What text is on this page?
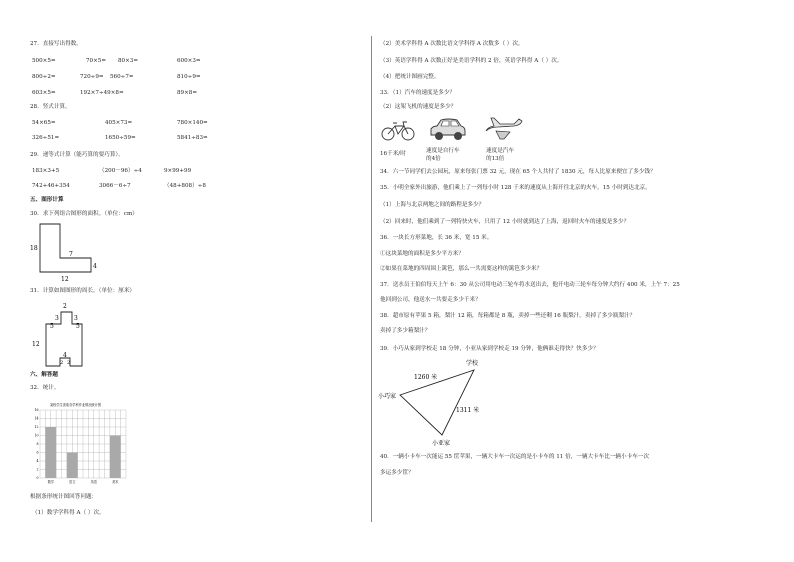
27．直接写出得数。
500×5=	70×5= 80×3=	600×3=
800÷2=	720÷9= 560÷7=	810÷9=
603×5=	192×7÷49×8=	89×8=
28．竖式计算。
54×65=	405×73=	780×140=
326÷51=	1650÷59=	5841÷83=
29．递等式计算（能巧算的要巧算）。
183×3+5	（200－96）÷4	9×99+99
742+46+354	3066－6÷7	（48+808）÷8
五、图形计算
30．求下列组合图形的面积。（单位：cm）
18
7
12
4
31．计算如图图形的周长。（单位：厘米）
2
3	3
5	5
12
4
2 2
六、解答题
32．统计。
某校学生喜欢各学科作业情况统计图
16
14
12
10
8
6
4
2
0
数学	语文	英语	美术
根据条形统计图回答问题：
（1）数学学科得 A（ ）次。
（2）美术学科得 A 次数比语文学科得 A 次数多（ ）次。
（3）英语学科得 A 次数正好是美语学科的 2 倍，英语学科得 A（ ）次。
（4）把统计图画完整。
33．（1）汽车的速度是多少？
（2）这架飞机的速度是多少？
16千米/时	速度是自行车
的4倍
速度是汽车
的13倍
34．六一节同学们去公园玩，原来每张门票 32 元，现在 65 个人共付了 1830 元，每人比原来便宜了多少钱？
35．小明全家外出旅游，他们乘上了一列每小时 128 千米的速度从上海开往北京的火车，15 小时到达北京。
（1）上海与北京两地之间的路程是多少？
（2）回来时，他们乘到了一列特快火车，只用了 12 小时就到达了上海，返回时火车的速度是多少？
36．一块长方形菜地，长 36 米，宽 15 米。
①这块菜地的面积是多少平方米？
②如果在菜地的四周围上篱笆，那么一共需要这样的篱笆多少米？
37．送水员王伯伯每天上午 6：30 从公司用电动三轮车将水送出去，他开电动三轮车每分钟大约行 400 米，上午 7：25
他回到公司，他送水一共要走多少千米？
38．超市原有苹果 5 箱，梨汁 12 箱，每箱都是 8 瓶，卖掉一些还剩 16 瓶梨汁。卖掉了多少瓶梨汁？
卖掉了多少箱梨汁？
39．小巧从家到学校走 18 分钟，小亚从家到学校走 19 分钟，他俩谁走得快？快多少？
学校
小巧家
小亚家
1260 米
1311 米
40．一辆小卡车一次能运 55 筐苹果，一辆大卡车一次运的是小卡车的 11 倍，一辆大卡车比一辆小卡车一次
多运多少筐？
